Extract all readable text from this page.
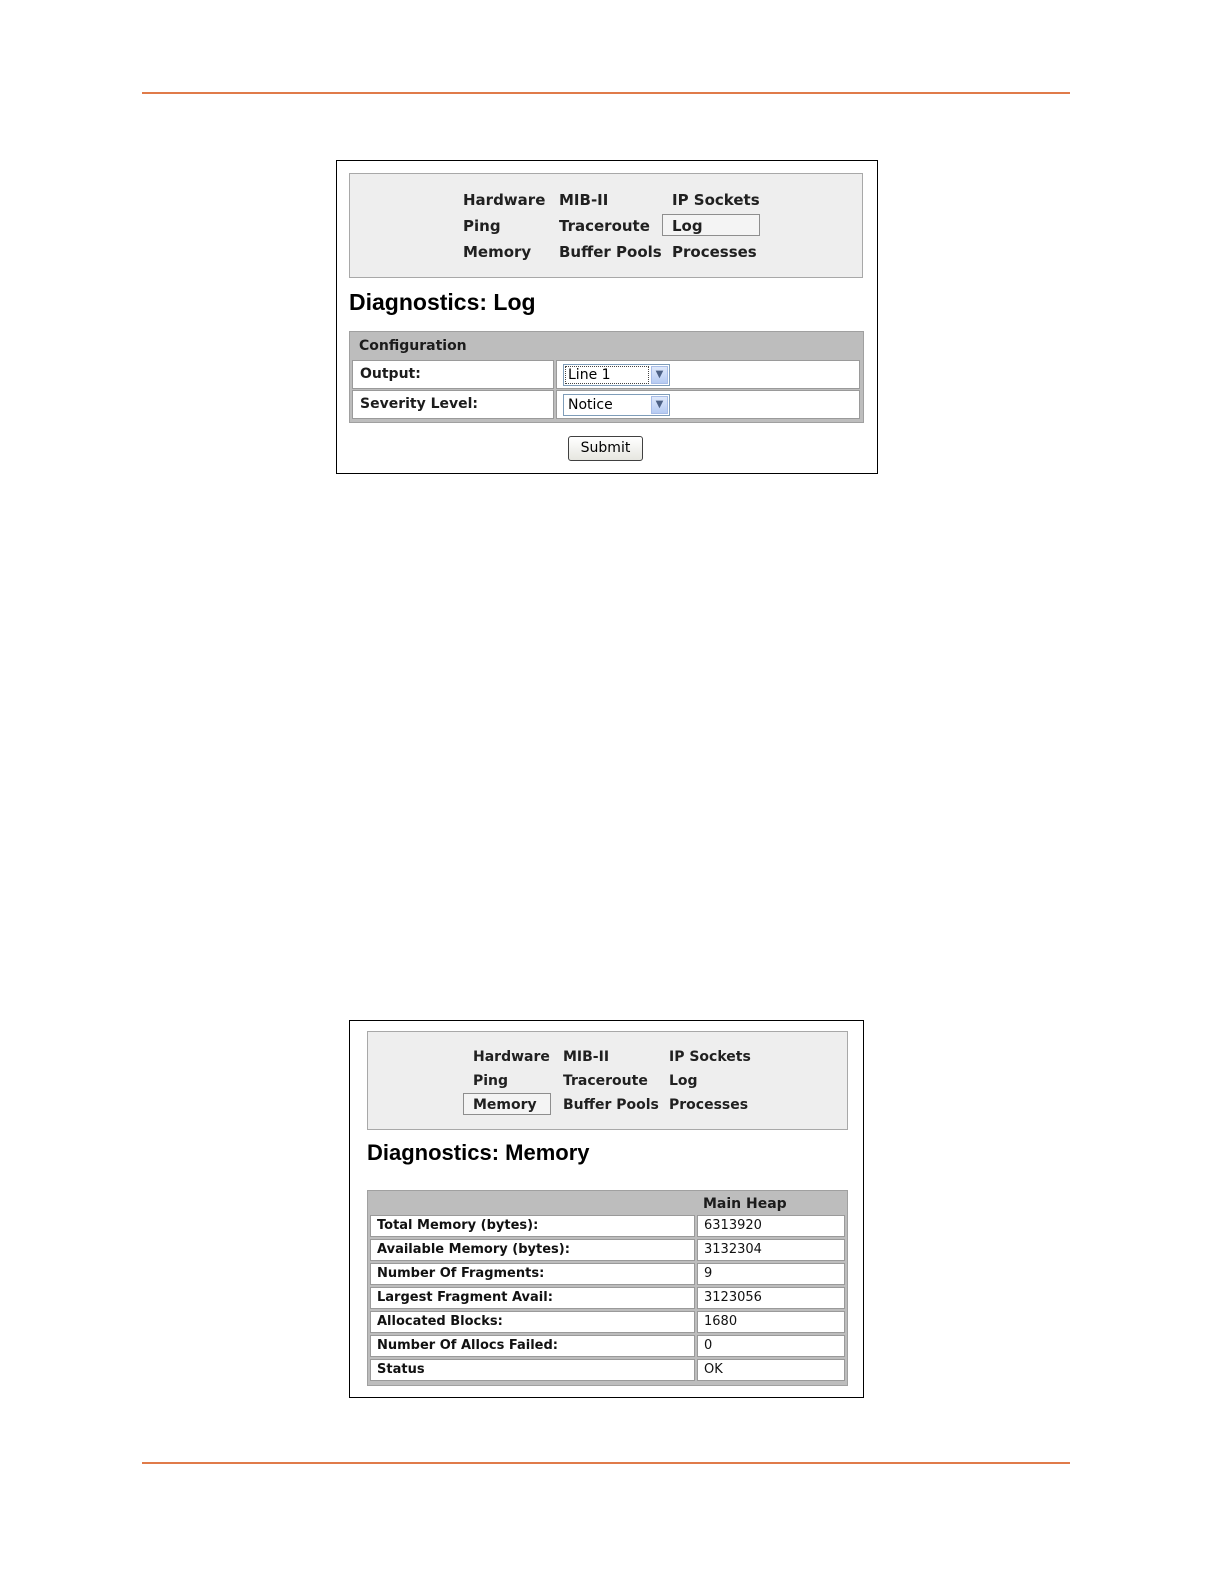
Hardware MIB-II	IP Sockets
Ping	Traceroute	Log
Memory	Buffer Pools Processes
Diagnostics: Log
Configuration
Output:	Line 1	▼
Severity Level:	Notice	▼
Submit
Hardware MIB-II	IP Sockets
Ping	Traceroute	Log
Memory	Buffer Pools Processes
Diagnostics: Memory
Main Heap
Total Memory (bytes):	6313920
Available Memory (bytes):	3132304
Number Of Fragments:	9
Largest Fragment Avail:	3123056
Allocated Blocks:	1680
Number Of Allocs Failed:	0
Status	OK
